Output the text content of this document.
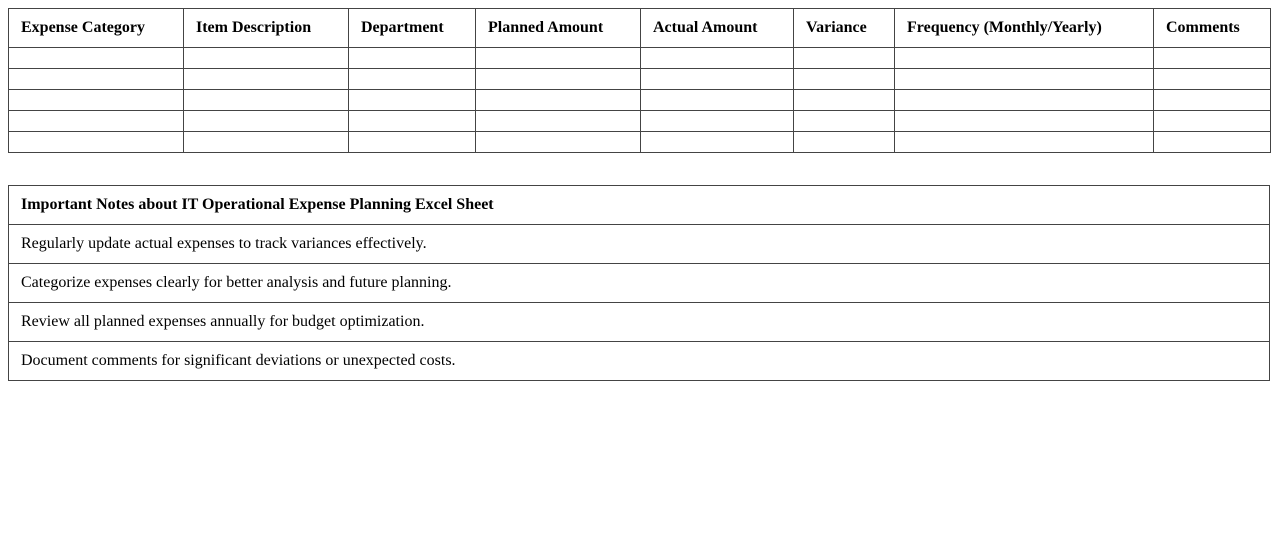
Expense Category	Item Description	Department	Planned Amount	Actual Amount	Variance	Frequency (Monthly/Yearly)	Comments

Important Notes about IT Operational Expense Planning Excel Sheet
Regularly update actual expenses to track variances effectively.
Categorize expenses clearly for better analysis and future planning.
Review all planned expenses annually for budget optimization.
Document comments for significant deviations or unexpected costs.
